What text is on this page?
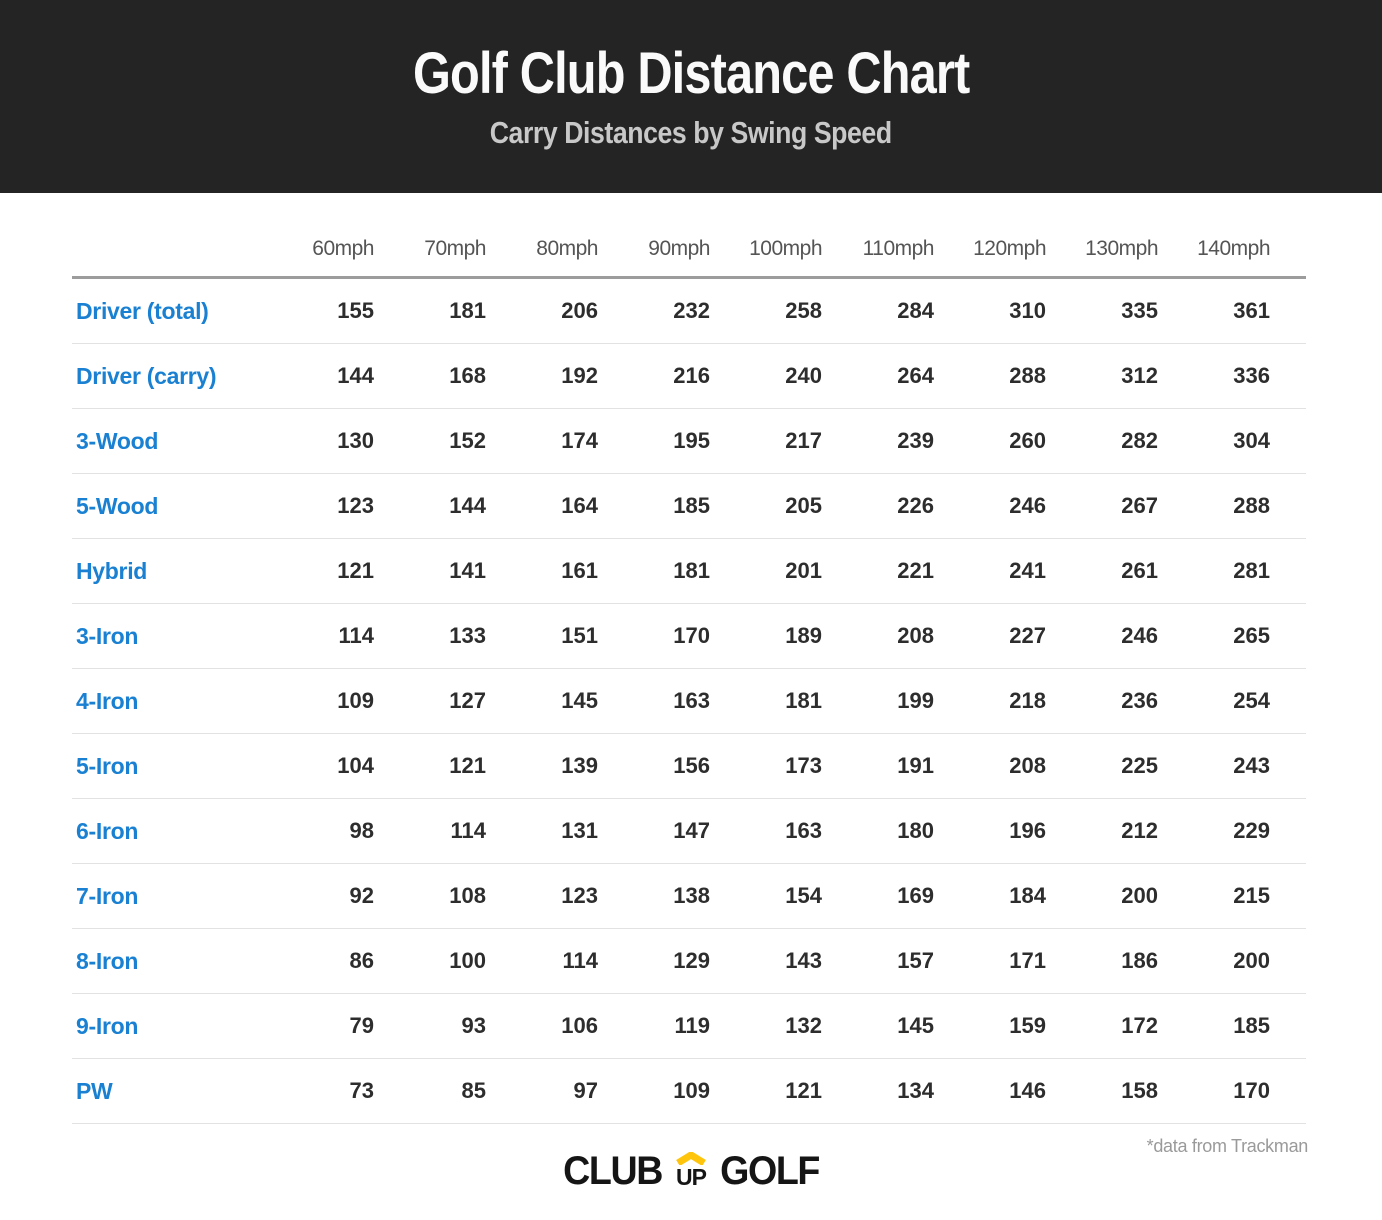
Golf Club Distance Chart
Carry Distances by Swing Speed
	60mph	70mph	80mph	90mph	100mph	110mph	120mph	130mph	140mph
Driver (total)	155	181	206	232	258	284	310	335	361
Driver (carry)	144	168	192	216	240	264	288	312	336
3-Wood	130	152	174	195	217	239	260	282	304
5-Wood	123	144	164	185	205	226	246	267	288
Hybrid	121	141	161	181	201	221	241	261	281
3-Iron	114	133	151	170	189	208	227	246	265
4-Iron	109	127	145	163	181	199	218	236	254
5-Iron	104	121	139	156	173	191	208	225	243
6-Iron	98	114	131	147	163	180	196	212	229
7-Iron	92	108	123	138	154	169	184	200	215
8-Iron	86	100	114	129	143	157	171	186	200
9-Iron	79	93	106	119	132	145	159	172	185
PW	73	85	97	109	121	134	146	158	170
*data from Trackman
CLUB UP GOLF
